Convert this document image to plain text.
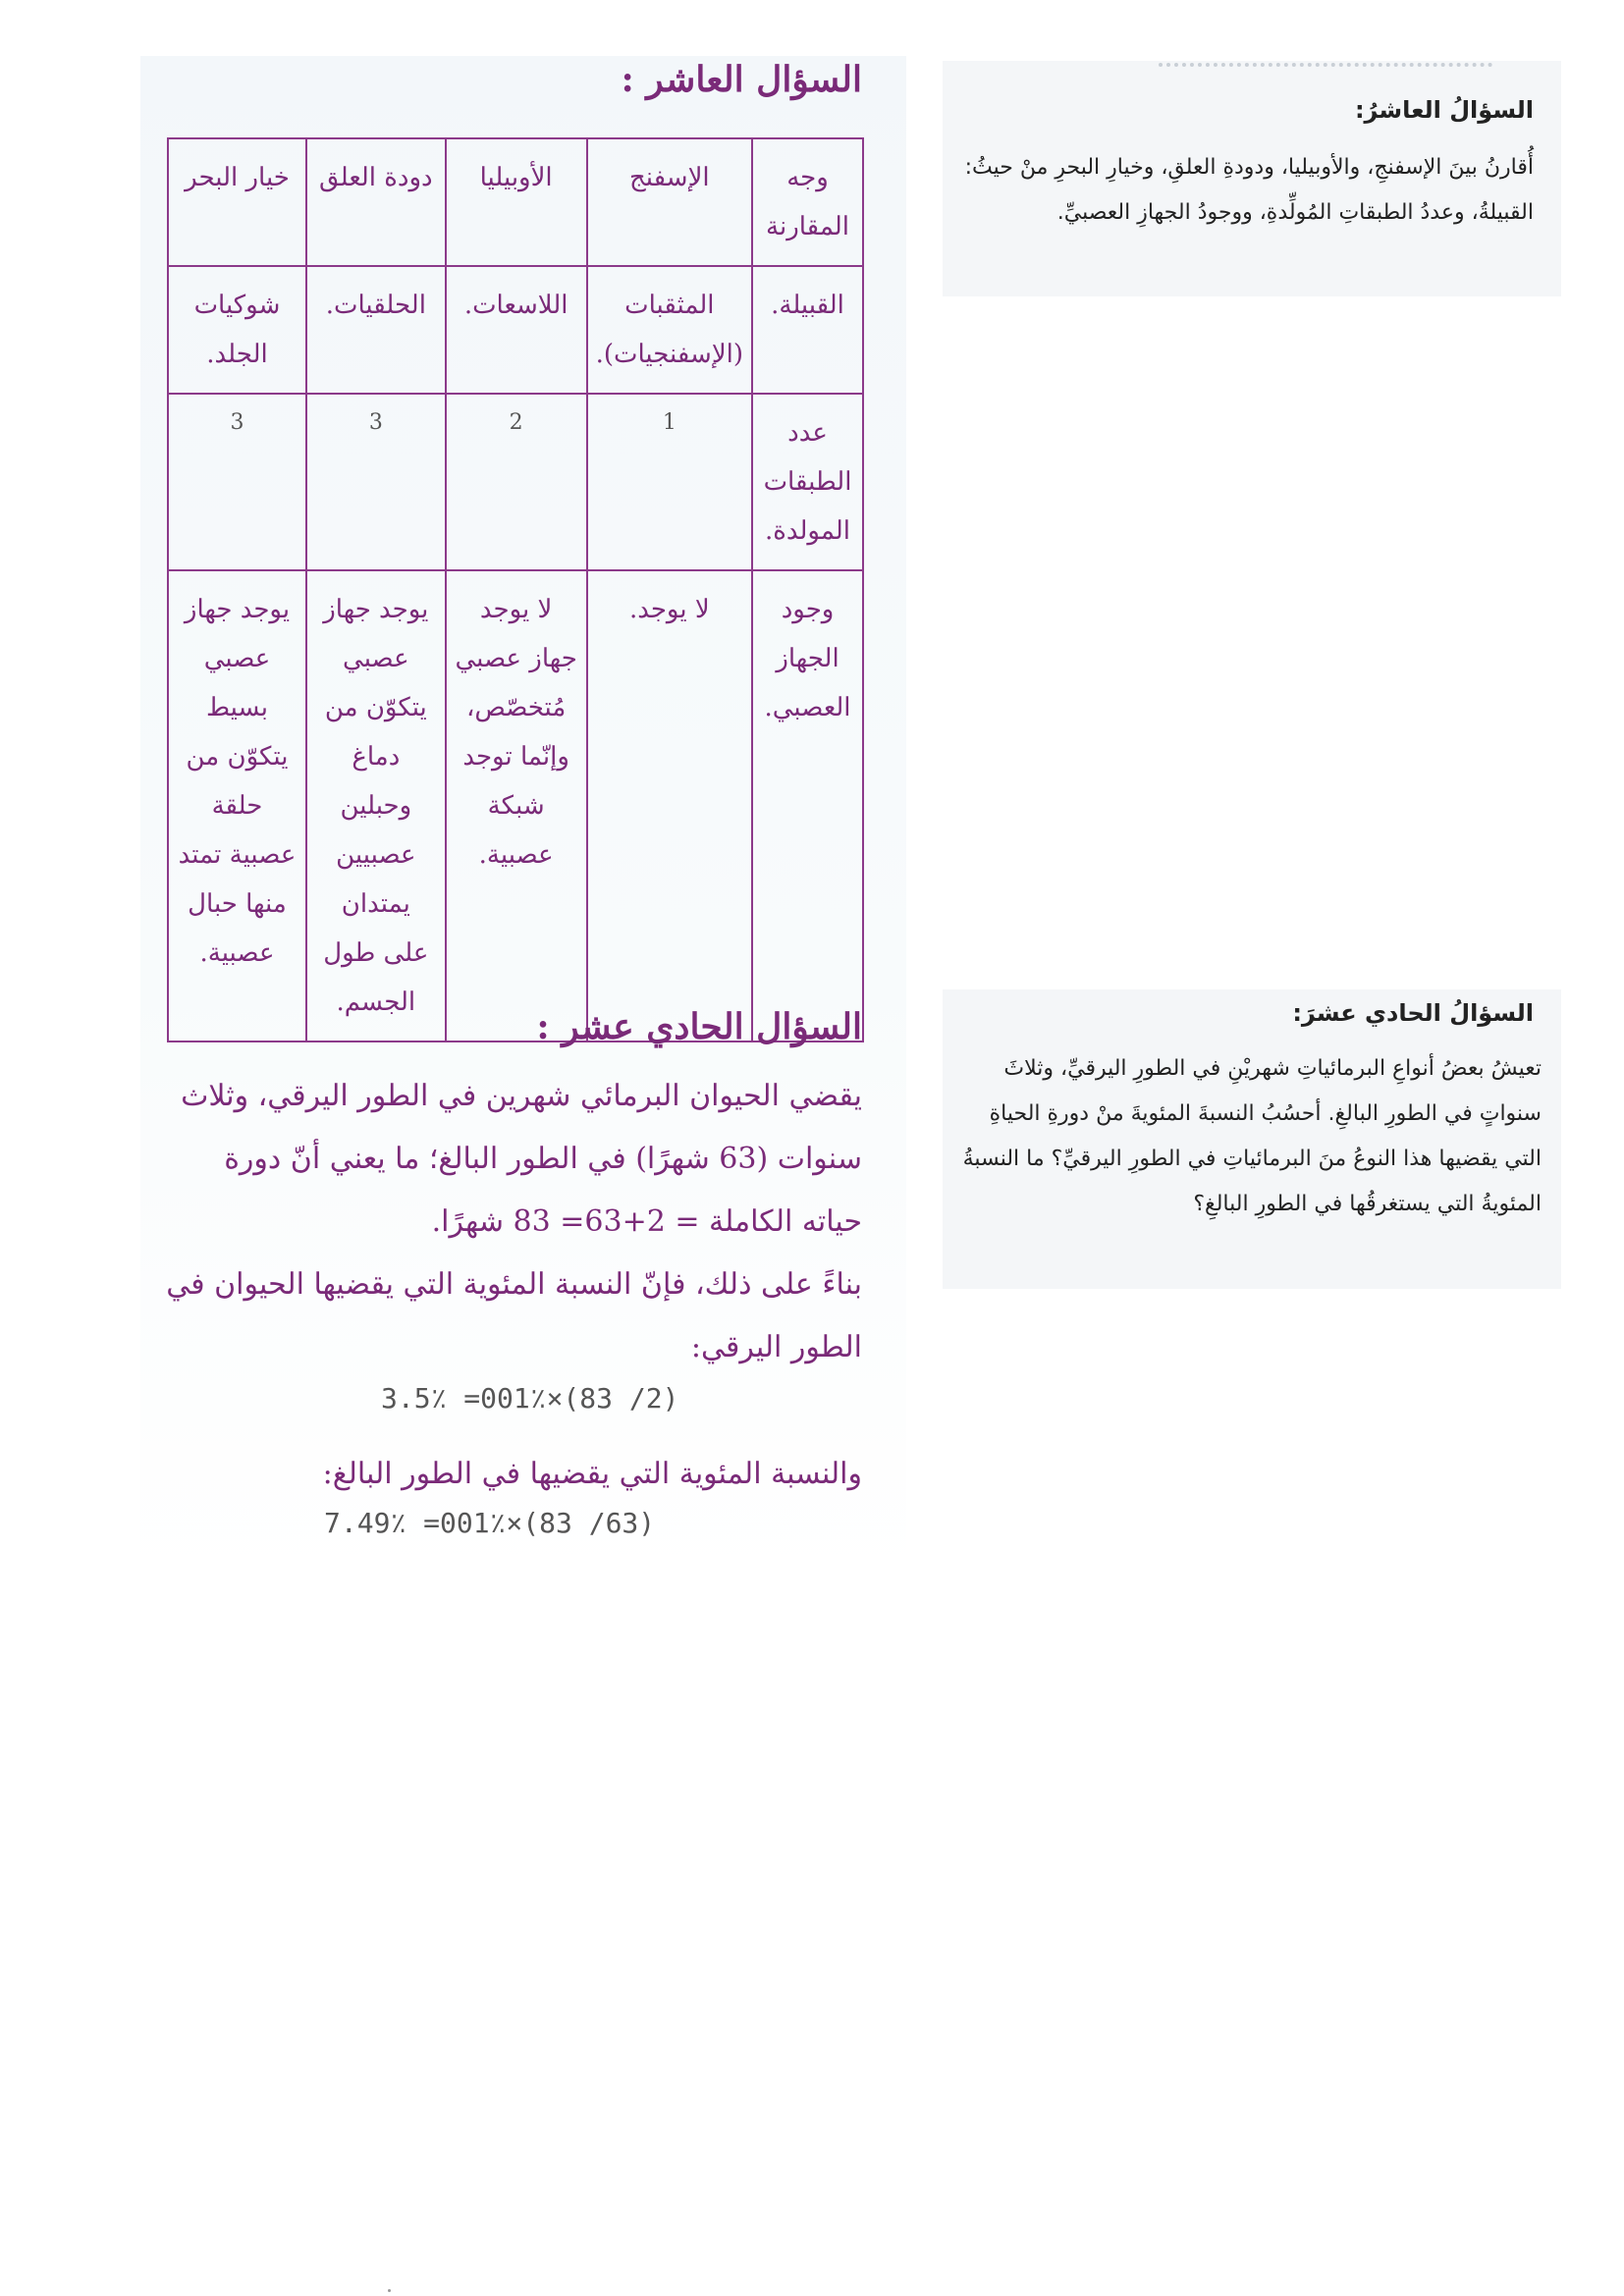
السؤال العاشر :
وجه المقارنة	الإسفنج	الأوبيليا	دودة العلق	خيار البحر
القبيلة.	المثقبات (الإسفنجيات).	اللاسعات.	الحلقيات.	شوكيات الجلد.
عدد الطبقات المولدة.	1	2	3	3
وجود الجهاز العصبي.	لا يوجد.	لا يوجد جهاز عصبي مُتخصّص، وإنّما توجد شبكة عصبية.	يوجد جهاز عصبي يتكوّن من دماغ وحبلين عصبيين يمتدان على طول الجسم.	يوجد جهاز عصبي بسيط يتكوّن من حلقة عصبية تمتد منها حبال عصبية.
السؤال الحادي عشر :

يقضي الحيوان البرمائي شهرين في الطور اليرقي، وثلاث سنوات (63 شهرًا) في الطور البالغ؛ ما يعني أنّ دورة حياته الكاملة = 2+63= 83 شهرًا.

بناءً على ذلك، فإنّ النسبة المئوية التي يقضيها الحيوان في الطور اليرقي:

3.5٪ =001٪×(83 /2)

والنسبة المئوية التي يقضيها في الطور البالغ:

7.49٪ =001٪×(83 /63)
السؤالُ العاشرُ:

أُقارنُ بينَ الإسفنجِ، والأوبيليا، ودودةِ العلقِ، وخيارِ البحرِ منْ حيثُ: القبيلةُ، وعددُ الطبقاتِ المُولِّدةِ، ووجودُ الجهازِ العصبيِّ.

السؤالُ الحادي عشرَ:

تعيشُ بعضُ أنواعِ البرمائياتِ شهريْنِ في الطورِ اليرقيِّ، وثلاثَ سنواتٍ في الطورِ البالغِ. أحسُبُ النسبةَ المئويةَ منْ دورةِ الحياةِ التي يقضيها هذا النوعُ منَ البرمائياتِ في الطورِ اليرقيِّ؟ ما النسبةُ المئويةُ التي يستغرقُها في الطورِ البالغِ؟
